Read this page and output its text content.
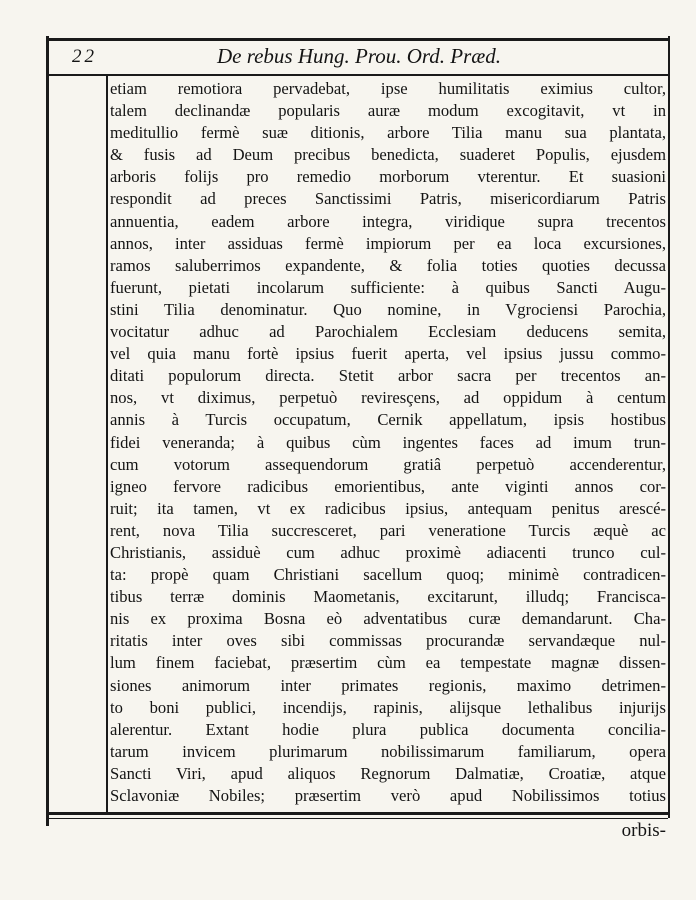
22	De rebus Hung. Prou. Ord. Præd.
etiam remotiora pervadebat, ipse humilitatis eximius cultor,
talem declinandæ popularis auræ modum excogitavit, vt in
meditullio fermè suæ ditionis, arbore Tilia manu sua plantata,
& fusis ad Deum precibus benedicta, suaderet Populis, ejusdem
arboris folijs pro remedio morborum vterentur. Et suasioni
respondit ad preces Sanctissimi Patris, misericordiarum Patris
annuentia, eadem arbore integra, viridique supra trecentos
annos, inter assiduas fermè impiorum per ea loca excursiones,
ramos saluberrimos expandente, & folia toties quoties decussa
fuerunt, pietati incolarum sufficiente: à quibus Sancti Augu-
stini Tilia denominatur. Quo nomine, in Vgrociensi Parochia,
vocitatur adhuc ad Parochialem Ecclesiam deducens semita,
vel quia manu fortè ipsius fuerit aperta, vel ipsius jussu commo-
ditati populorum directa. Stetit arbor sacra per trecentos an-
nos, vt diximus, perpetuò reviresçens, ad oppidum à centum
annis à Turcis occupatum, Cernik appellatum, ipsis hostibus
fidei veneranda; à quibus cùm ingentes faces ad imum trun-
cum votorum assequendorum gratiâ perpetuò accenderentur,
igneo fervore radicibus emorientibus, ante viginti annos cor-
ruit; ita tamen, vt ex radicibus ipsius, antequam penitus arescé-
rent, nova Tilia succresceret, pari veneratione Turcis æquè ac
Christianis, assiduè cum adhuc proximè adiacenti trunco cul-
ta: propè quam Christiani sacellum quoq; minimè contradicen-
tibus terræ dominis Maometanis, excitarunt, illudq; Francisca-
nis ex proxima Bosna eò adventatibus curæ demandarunt. Cha-
ritatis inter oves sibi commissas procurandæ servandæque nul-
lum finem faciebat, præsertim cùm ea tempestate magnæ dissen-
siones animorum inter primates regionis, maximo detrimen-
to boni publici, incendijs, rapinis, alijsque lethalibus injurijs
alerentur. Extant hodie plura publica documenta concilia-
tarum invicem plurimarum nobilissimarum familiarum, opera
Sancti Viri, apud aliquos Regnorum Dalmatiæ, Croatiæ, atque
Sclavoniæ Nobiles; præsertim verò apud Nobilissimos totius
orbis-
